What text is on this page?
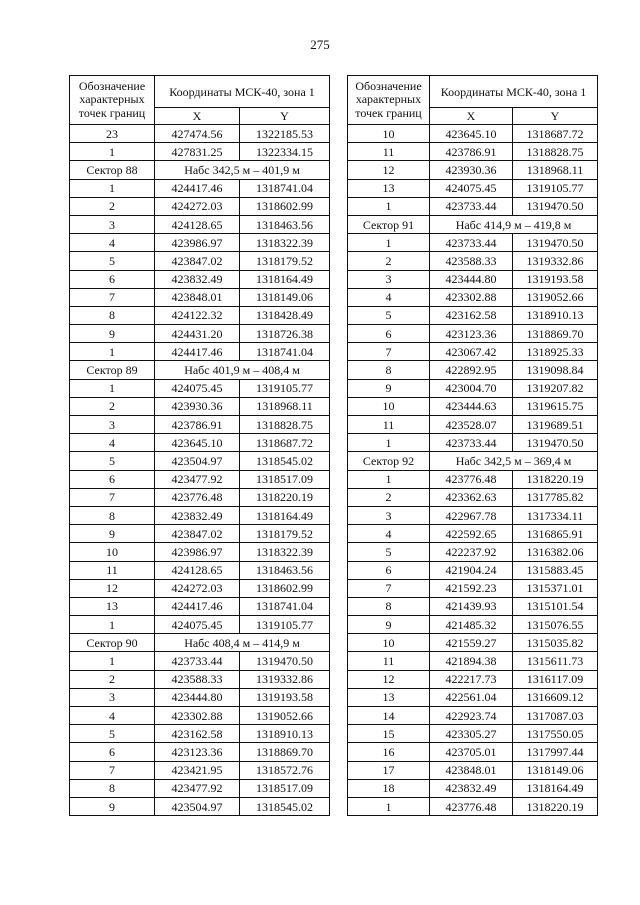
275
Обозначение характерных точек границ	Координаты МСК-40, зона 1	
	X	Y
23	427474.56	1322185.53
1	427831.25	1322334.15
Сектор 88	Набс 342,5 м – 401,9 м	
1	424417.46	1318741.04
2	424272.03	1318602.99
3	424128.65	1318463.56
4	423986.97	1318322.39
5	423847.02	1318179.52
6	423832.49	1318164.49
7	423848.01	1318149.06
8	424122.32	1318428.49
9	424431.20	1318726.38
1	424417.46	1318741.04
Сектор 89	Набс 401,9 м – 408,4 м	
1	424075.45	1319105.77
2	423930.36	1318968.11
3	423786.91	1318828.75
4	423645.10	1318687.72
5	423504.97	1318545.02
6	423477.92	1318517.09
7	423776.48	1318220.19
8	423832.49	1318164.49
9	423847.02	1318179.52
10	423986.97	1318322.39
11	424128.65	1318463.56
12	424272.03	1318602.99
13	424417.46	1318741.04
1	424075.45	1319105.77
Сектор 90	Набс 408,4 м – 414,9 м	
1	423733.44	1319470.50
2	423588.33	1319332.86
3	423444.80	1319193.58
4	423302.88	1319052.66
5	423162.58	1318910.13
6	423123.36	1318869.70
7	423421.95	1318572.76
8	423477.92	1318517.09
9	423504.97	1318545.02
Обозначение характерных точек границ	Координаты МСК-40, зона 1	
	X	Y
10	423645.10	1318687.72
11	423786.91	1318828.75
12	423930.36	1318968.11
13	424075.45	1319105.77
1	423733.44	1319470.50
Сектор 91	Набс 414,9 м – 419,8 м	
1	423733.44	1319470.50
2	423588.33	1319332.86
3	423444.80	1319193.58
4	423302.88	1319052.66
5	423162.58	1318910.13
6	423123.36	1318869.70
7	423067.42	1318925.33
8	422892.95	1319098.84
9	423004.70	1319207.82
10	423444.63	1319615.75
11	423528.07	1319689.51
1	423733.44	1319470.50
Сектор 92	Набс 342,5 м – 369,4 м	
1	423776.48	1318220.19
2	423362.63	1317785.82
3	422967.78	1317334.11
4	422592.65	1316865.91
5	422237.92	1316382.06
6	421904.24	1315883.45
7	421592.23	1315371.01
8	421439.93	1315101.54
9	421485.32	1315076.55
10	421559.27	1315035.82
11	421894.38	1315611.73
12	422217.73	1316117.09
13	422561.04	1316609.12
14	422923.74	1317087.03
15	423305.27	1317550.05
16	423705.01	1317997.44
17	423848.01	1318149.06
18	423832.49	1318164.49
1	423776.48	1318220.19
